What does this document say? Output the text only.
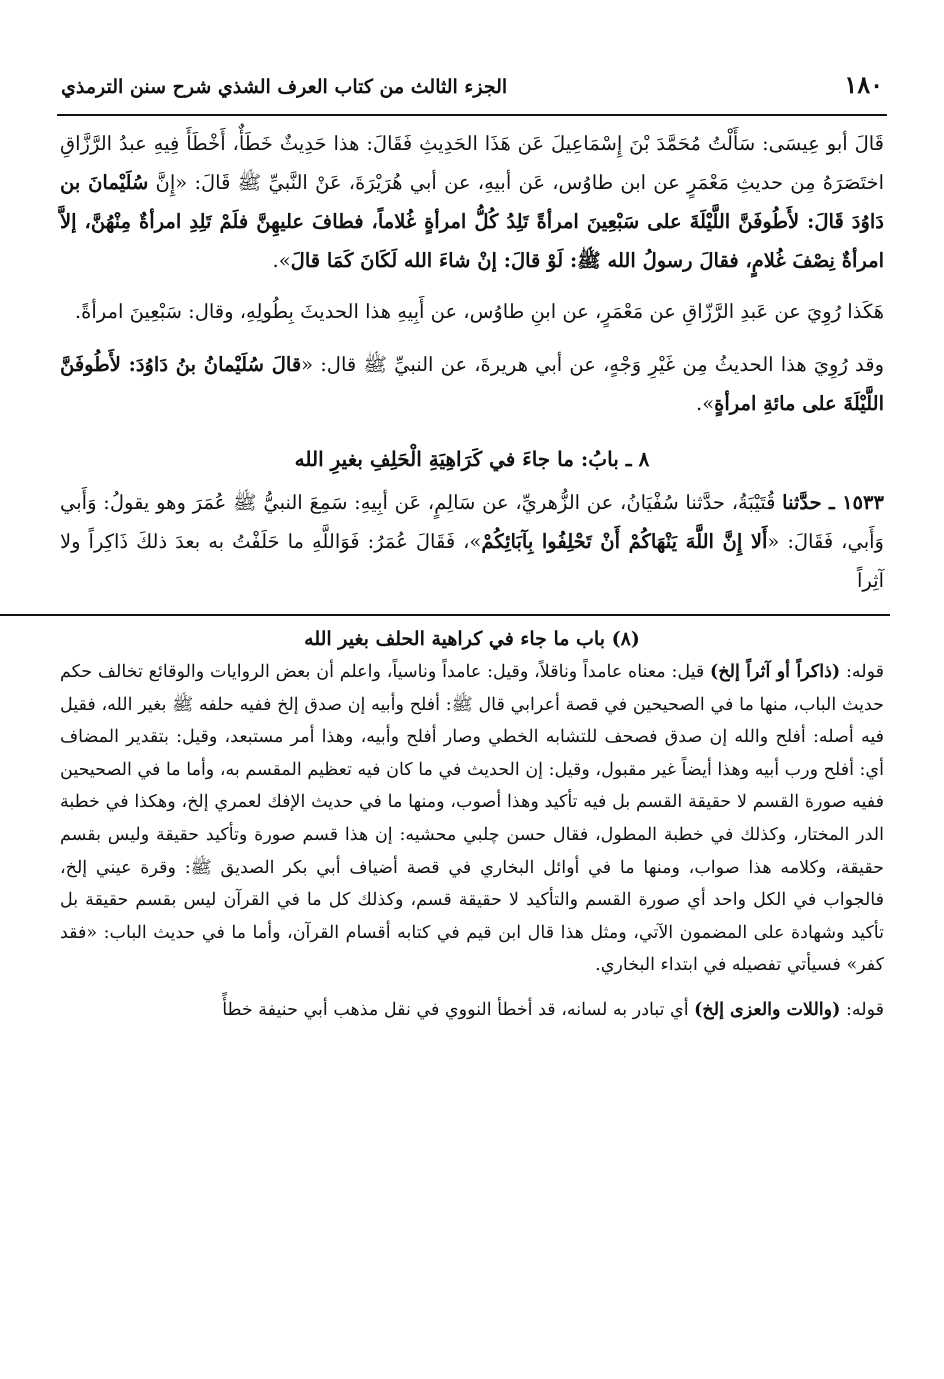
١٨٠
الجزء الثالث من كتاب العرف الشذي شرح سنن الترمذي

قَالَ أبو عِيسَى: سَأَلْتُ مُحَمَّدَ بْنَ إِسْمَاعِيلَ عَن هَذَا الحَدِيثِ فَقَالَ: هذا حَدِيثٌ خَطَأٌ، أَخْطَأَ فِيهِ عبدُ الرَّزَّاقِ اختَصَرَهُ مِن حديثِ مَعْمَرٍ عن ابن طاوُس، عَن أبيهِ، عن أبي هُرَيْرَةَ، عَنْ النَّبيِّ ﷺ قَالَ: «إِنَّ سُلَيْمانَ بن دَاوُدَ قَالَ: لأَطُوفَنَّ اللَّيْلَةَ على سَبْعِينَ امرأةً تَلِدُ كُلُّ امرأةٍ غُلاماً، فطافَ عليهِنَّ فلَمْ تَلِدِ امرأةٌ مِنْهُنَّ، إلاَّ امرأةٌ نِصْفَ غُلامٍ، فقالَ رسولُ الله ﷺ: لَوْ قالَ: إنْ شاءَ الله لَكَانَ كَمَا قالَ».

هَكَذا رُوِيَ عن عَبدِ الرَّزّاقِ عن مَعْمَرٍ، عن ابنِ طاوُس، عن أَبِيهِ هذا الحديثَ بِطُولِهِ، وقال: سَبْعِينَ امرأةً.

وقد رُوِيَ هذا الحديثُ مِن غَيْرِ وَجْهٍ، عن أبي هريرةَ، عن النبيِّ ﷺ قال: «قالَ سُلَيْمانُ بنُ دَاوُدَ: لأَطُوفَنَّ اللَّيْلَةَ على مائةِ امرأةٍ».

٨ ـ بابُ: ما جاءَ في كَرَاهِيَةِ الْحَلِفِ بغيرِ الله

١٥٣٣ ـ حدَّثنا قُتَيْبَةُ، حدَّثنا سُفْيَانُ، عن الزُّهريِّ، عن سَالِمٍ، عَن أبِيهِ: سَمِعَ النبيُّ ﷺ عُمَرَ وهو يقولُ: وَأَبي وَأَبي، فَقَالَ: «أَلا إِنَّ اللَّهَ يَنْهَاكُمْ أَنْ تَحْلِفُوا بِآبَائِكُمْ»، فَقَالَ عُمَرُ: فَوَاللَّهِ ما حَلَفْتُ به بعدَ ذلكَ ذَاكِراً ولا آثِراً

(٨) باب ما جاء في كراهية الحلف بغير الله

قوله: (ذاكراً أو آثراً إلخ) قيل: معناه عامداً وناقلاً، وقيل: عامداً وناسياً، واعلم أن بعض الروايات والوقائع تخالف حكم حديث الباب، منها ما في الصحيحين في قصة أعرابي قال ﷺ: أفلح وأبيه إن صدق إلخ ففيه حلفه ﷺ بغير الله، فقيل فيه أصله: أفلح والله إن صدق فصحف للتشابه الخطي وصار أفلح وأبيه، وهذا أمر مستبعد، وقيل: بتقدير المضاف أي: أفلح ورب أبيه وهذا أيضاً غير مقبول، وقيل: إن الحديث في ما كان فيه تعظيم المقسم به، وأما ما في الصحيحين ففيه صورة القسم لا حقيقة القسم بل فيه تأكيد وهذا أصوب، ومنها ما في حديث الإفك لعمري إلخ، وهكذا في خطبة الدر المختار، وكذلك في خطبة المطول، فقال حسن چلبي محشيه: إن هذا قسم صورة وتأكيد حقيقة وليس بقسم حقيقة، وكلامه هذا صواب، ومنها ما في أوائل البخاري في قصة أضياف أبي بكر الصديق ﷺ: وقرة عيني إلخ، فالجواب في الكل واحد أي صورة القسم والتأكيد لا حقيقة قسم، وكذلك كل ما في القرآن ليس بقسم حقيقة بل تأكيد وشهادة على المضمون الآتي، ومثل هذا قال ابن قيم في كتابه أقسام القرآن، وأما ما في حديث الباب: «فقد كفر» فسيأتي تفصيله في ابتداء البخاري.

قوله: (واللات والعزى إلخ) أي تبادر به لسانه، قد أخطأ النووي في نقل مذهب أبي حنيفة خطأً
